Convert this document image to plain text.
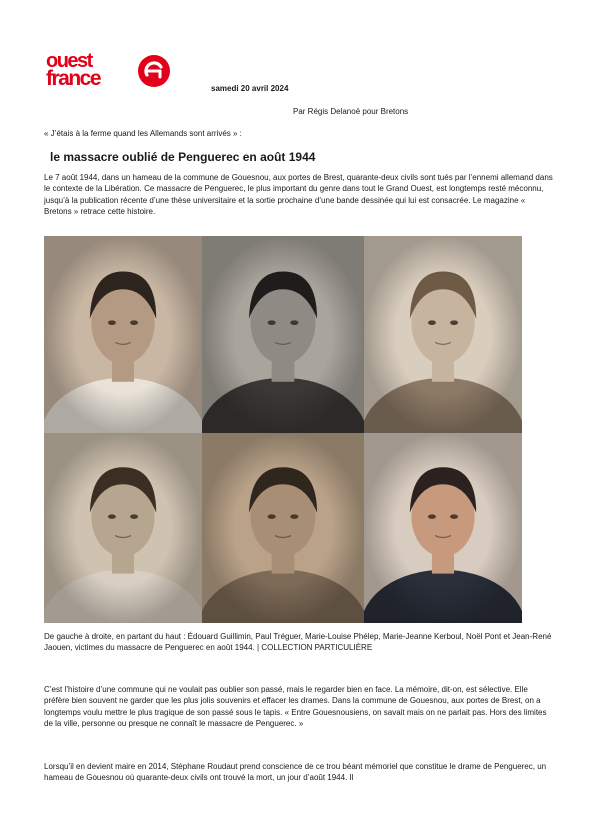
ouest
france	samedi 20 avril 2024
Par Régis Delanoë pour Bretons
« J’étais à la ferme quand les Allemands sont arrivés » :
le massacre oublié de Penguerec en août 1944

Le 7 août 1944, dans un hameau de la commune de Gouesnou, aux portes de Brest, quarante-deux civils sont tués par l’ennemi allemand dans le contexte de la Libération. Ce massacre de Penguerec, le plus important du genre dans tout le Grand Ouest, est longtemps resté méconnu, jusqu’à la publication récente d’une thèse universitaire et la sortie prochaine d’une bande dessinée qui lui est consacrée. Le magazine « Bretons » retrace cette histoire.

De gauche à droite, en partant du haut : Édouard Guillimin, Paul Tréguer, Marie-Louise Phélep, Marie-Jeanne Kerboul, Noël Pont et Jean-René Jaouen, victimes du massacre de Penguerec en août 1944. | COLLECTION PARTICULIÈRE

C’est l’histoire d’une commune qui ne voulait pas oublier son passé, mais le regarder bien en face. La mémoire, dit-on, est sélective. Elle préfère bien souvent ne garder que les plus jolis souvenirs et effacer les drames. Dans la commune de Gouesnou, aux portes de Brest, on a longtemps voulu mettre le plus tragique de son passé sous le tapis. « Entre Gouesnousiens, on savait mais on ne parlait pas. Hors des limites de la ville, personne ou presque ne connaît le massacre de Penguerec. »

Lorsqu’il en devient maire en 2014, Stéphane Roudaut prend conscience de ce trou béant mémoriel que constitue le drame de Penguerec, un hameau de Gouesnou où quarante-deux civils ont trouvé la mort, un jour d’août 1944. Il
